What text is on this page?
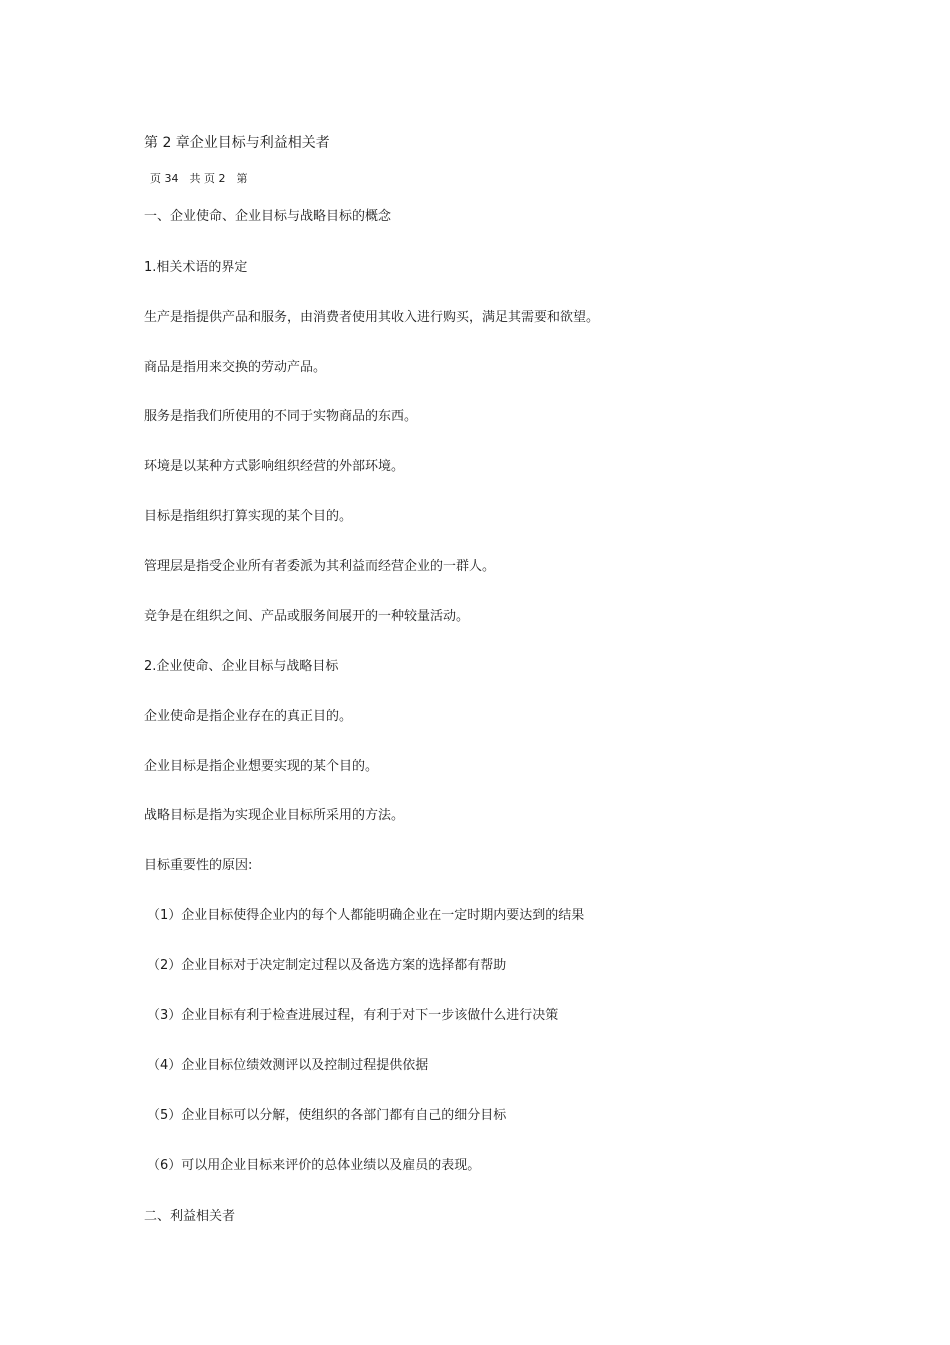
第 2 章企业目标与利益相关者
页 34　共 页 2　第
一、企业使命、企业目标与战略目标的概念
1.相关术语的界定
生产是指提供产品和服务，由消费者使用其收入进行购买，满足其需要和欲望。
商品是指用来交换的劳动产品。
服务是指我们所使用的不同于实物商品的东西。
环境是以某种方式影响组织经营的外部环境。
目标是指组织打算实现的某个目的。
管理层是指受企业所有者委派为其利益而经营企业的一群人。
竞争是在组织之间、产品或服务间展开的一种较量活动。
2.企业使命、企业目标与战略目标
企业使命是指企业存在的真正目的。
企业目标是指企业想要实现的某个目的。
战略目标是指为实现企业目标所采用的方法。
目标重要性的原因:
（1）企业目标使得企业内的每个人都能明确企业在一定时期内要达到的结果
（2）企业目标对于决定制定过程以及备选方案的选择都有帮助
（3）企业目标有利于检查进展过程，有利于对下一步该做什么进行决策
（4）企业目标位绩效测评以及控制过程提供依据
（5）企业目标可以分解，使组织的各部门都有自己的细分目标
（6）可以用企业目标来评价的总体业绩以及雇员的表现。
二、利益相关者
